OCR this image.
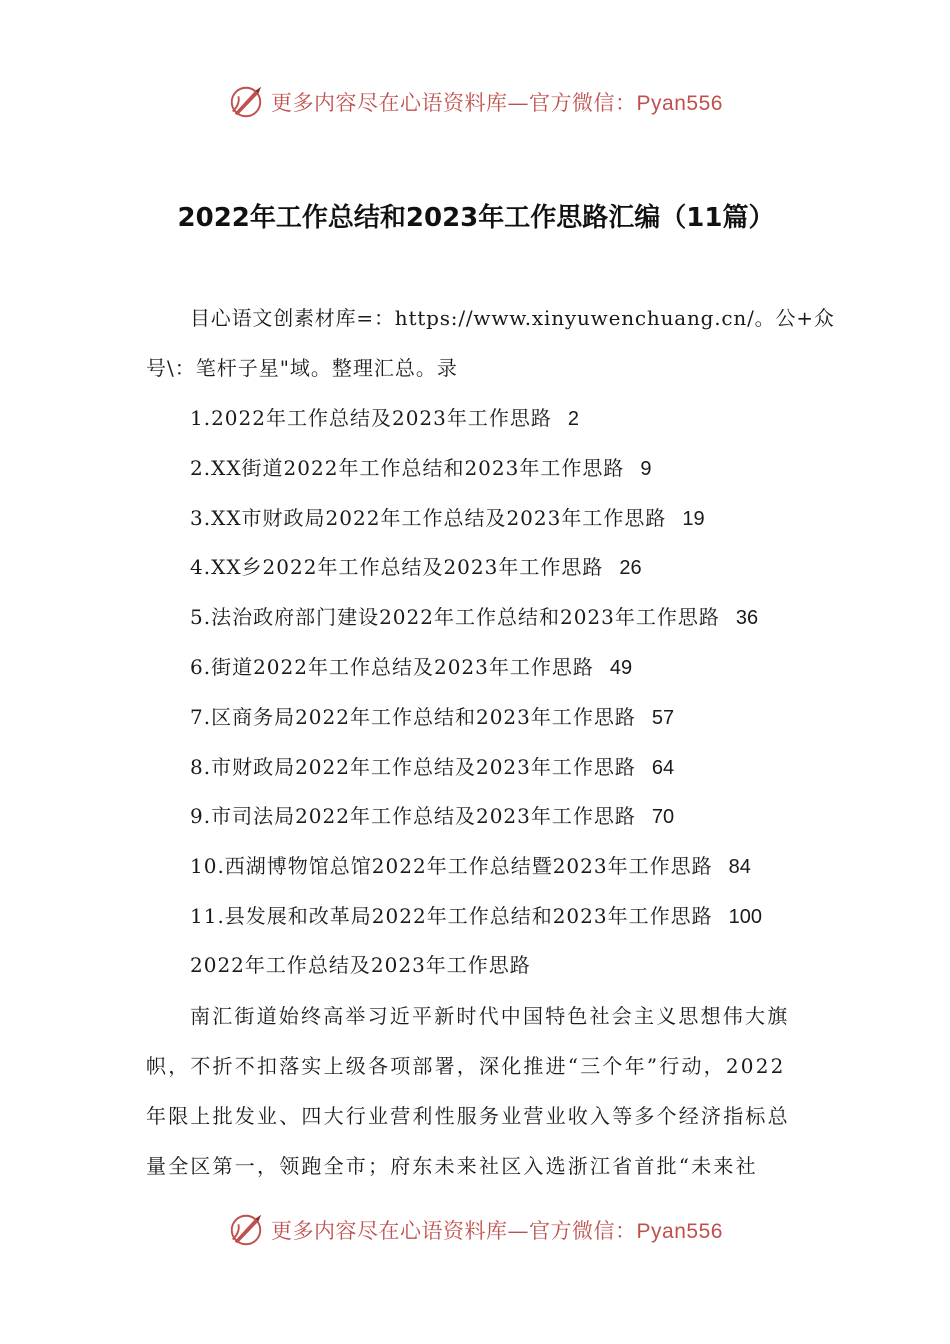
更多内容尽在心语资料库—官方微信：Pyan556
2022年工作总结和2023年工作思路汇编（11篇）
目心语文创素材库=：https://www.xinyuwenchuang.cn/。公+众
号\：笔杆子星"域。整理汇总。录
1.2022年工作总结及2023年工作思路 2
2.XX街道2022年工作总结和2023年工作思路 9
3.XX市财政局2022年工作总结及2023年工作思路 19
4.XX乡2022年工作总结及2023年工作思路 26
5.法治政府部门建设2022年工作总结和2023年工作思路 36
6.街道2022年工作总结及2023年工作思路 49
7.区商务局2022年工作总结和2023年工作思路 57
8.市财政局2022年工作总结及2023年工作思路 64
9.市司法局2022年工作总结及2023年工作思路 70
10.西湖博物馆总馆2022年工作总结暨2023年工作思路 84
11.县发展和改革局2022年工作总结和2023年工作思路 100
2022年工作总结及2023年工作思路
南汇街道始终高举习近平新时代中国特色社会主义思想伟大旗
帜，不折不扣落实上级各项部署，深化推进“三个年”行动，2022
年限上批发业、四大行业营利性服务业营业收入等多个经济指标总
量全区第一，领跑全市；府东未来社区入选浙江省首批“未来社
更多内容尽在心语资料库—官方微信：Pyan556
